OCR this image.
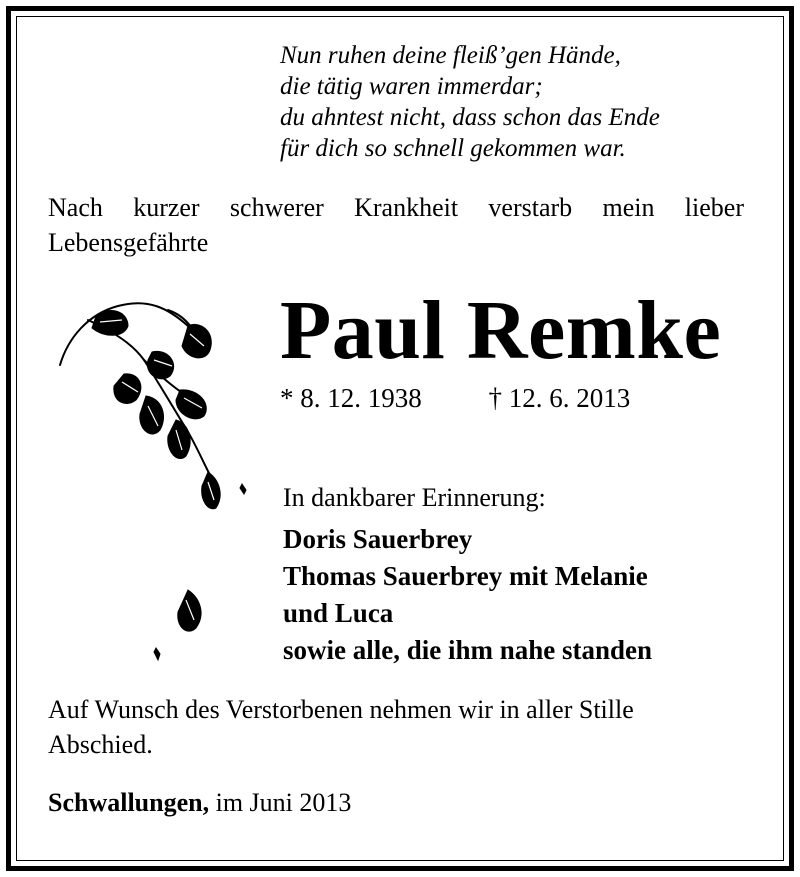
Nun ruhen deine fleiß’gen Hände,
die tätig waren immerdar;
du ahntest nicht, dass schon das Ende
für dich so schnell gekommen war.

Nach kurzer schwerer Krankheit verstarb mein lieber
Lebensgefährte

Paul Remke
* 8. 12. 1938 † 12. 6. 2013
In dankbarer Erinnerung:
Doris Sauerbrey
Thomas Sauerbrey mit Melanie
und Luca
sowie alle, die ihm nahe standen
Auf Wunsch des Verstorbenen nehmen wir in aller Stille
Abschied.
Schwallungen, im Juni 2013
